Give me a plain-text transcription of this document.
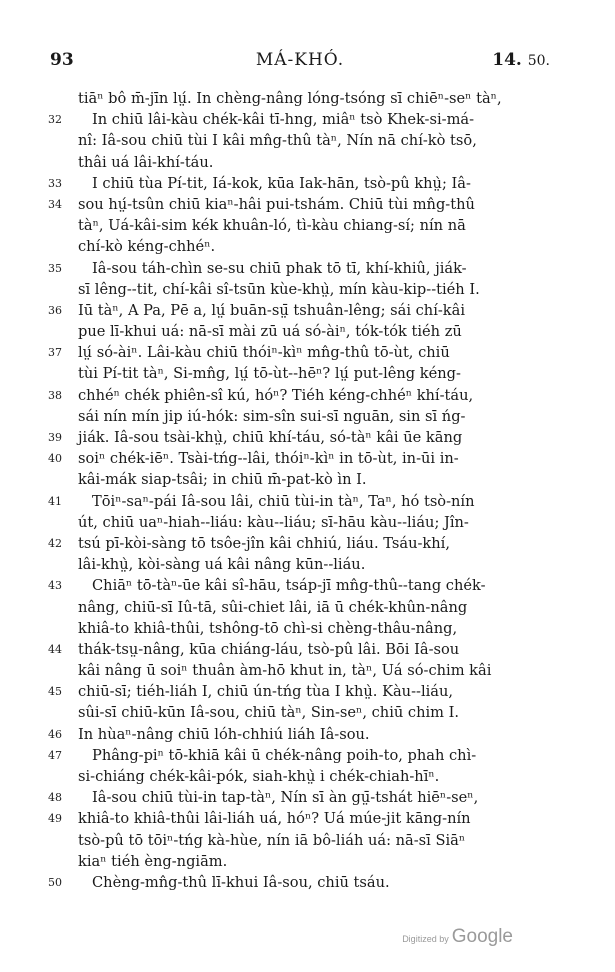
93	MÁ-KHÓ.	14. 50.
tiāⁿ bô m̄-jīn lṳ́. In chèng-nâng lóng-tsóng sī chiēⁿ-seⁿ tàⁿ,
32	In chiū lâi-kàu chék-kâi tī-hng, miâⁿ tsò Khek-si-má-
nî: Iâ-sou chiū tùi I kâi mn̂g-thû tàⁿ, Nín nā chí-kò tsō,
thâi uá lâi-khí-táu.
33	I chiū tùa Pí-tit, Iá-kok, kūa Iak-hān, tsò-pû khṳ̀; Iâ-
34	sou hṳ́-tsûn chiū kiaⁿ-hâi pui-tshám. Chiū tùi mn̂g-thû
tàⁿ, Uá-kâi-sim kék khuân-ló, tì-kàu chiang-sí; nín nā
chí-kò kéng-chhéⁿ.
35	Iâ-sou táh-chìn se-su chiū phak tō tī, khí-khiû, jiák-
sī lêng--tit, chí-kâi sî-tsūn kùe-khṳ̀, mín kàu-kip--tiéh I.
36	Iū tàⁿ, A Pa, Pē a, lṳ́ buān-sṳ̄ tshuân-lêng; sái chí-kâi
pue lī-khui uá: nā-sī mài zū uá só-àiⁿ, tók-tók tiéh zū
37	lṳ́ só-àiⁿ. Lâi-kàu chiū thóiⁿ-kìⁿ mn̂g-thû tō-ùt, chiū
tùi Pí-tit tàⁿ, Si-mn̂g, lṳ́ tō-ùt--hēⁿ? lṳ́ put-lêng kéng-
38	chhéⁿ chék phiên-sî kú, hóⁿ? Tiéh kéng-chhéⁿ khí-táu,
sái nín mín jip iú-hók: sim-sîn sui-sī nguān, sin sī ńg-
39	jiák. Iâ-sou tsài-khṳ̀, chiū khí-táu, só-tàⁿ kâi ūe kāng
40	soiⁿ chék-iēⁿ. Tsài-tńg--lâi, thóiⁿ-kìⁿ in tō-ùt, in-ūi in-
kâi-mák siap-tsâi; in chiū m̄-pat-kò ìn I.
41	Tōiⁿ-saⁿ-pái Iâ-sou lâi, chiū tùi-in tàⁿ, Taⁿ, hó tsò-nín
út, chiū uaⁿ-hiah--liáu: kàu--liáu; sī-hāu kàu--liáu; Jîn-
42	tsú pī-kòi-sàng tō tsôe-jîn kâi chhiú, liáu. Tsáu-khí,
lâi-khṳ̀, kòi-sàng uá kâi nâng kūn--liáu.
43	Chiāⁿ tō-tàⁿ-ūe kâi sî-hāu, tsáp-jī mn̂g-thû--tang chék-
nâng, chiū-sī Iû-tā, sûi-chiet lâi, iā ū chék-khûn-nâng
khiâ-to khiâ-thûi, tshông-tō chì-si chèng-thâu-nâng,
44	thák-tsṳ-nâng, kūa chiáng-láu, tsò-pû lâi. Bōi Iâ-sou
kâi nâng ū soiⁿ thuân àm-hō khut in, tàⁿ, Uá só-chim kâi
45	chiū-sī; tiéh-liáh I, chiū ún-tńg tùa I khṳ̀. Kàu--liáu,
sûi-sī chiū-kūn Iâ-sou, chiū tàⁿ, Sin-seⁿ, chiū chim I.
46	In hùaⁿ-nâng chiū lóh-chhiú liáh Iâ-sou.
47	Phâng-piⁿ tō-khiā kâi ū chék-nâng poih-to, phah chì-
si-chiáng chék-kâi-pók, siah-khṳ̀ i chék-chiah-hīⁿ.
48	Iâ-sou chiū tùi-in tap-tàⁿ, Nín sī àn gṳ̄-tshát hiēⁿ-seⁿ,
49	khiâ-to khiâ-thûi lâi-liáh uá, hóⁿ? Uá múe-jit kāng-nín
tsò-pû tō tōiⁿ-tńg kà-hùe, nín iā bô-liáh uá: nā-sī Siāⁿ
kiaⁿ tiéh èng-ngiām.
50	Chèng-mn̂g-thû lī-khui Iâ-sou, chiū tsáu.
Digitized by Google
